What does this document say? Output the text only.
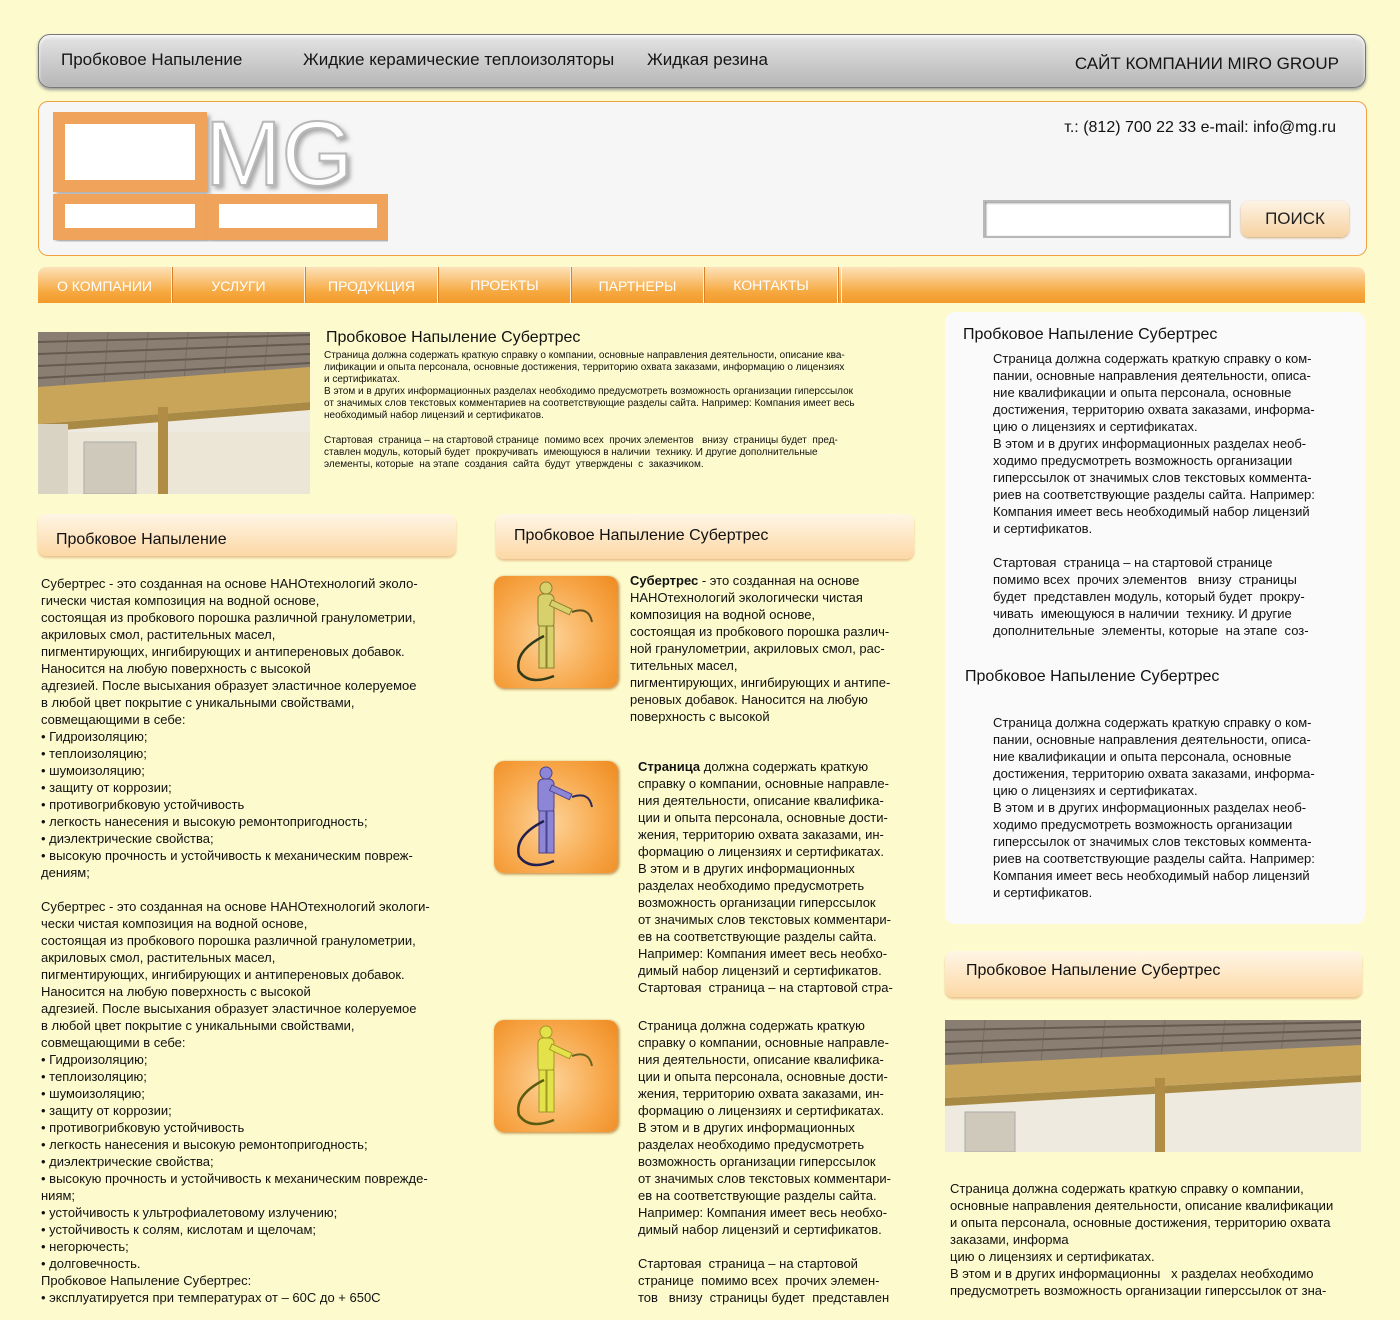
Пробковое Напыление	Жидкие керамические теплоизоляторы Жидкая резина	САЙТ КОМПАНИИ MIRO GROUP
MG	т.: (812) 700 22 33 e-mail: info@mg.ru
ПОИСК
О КОМПАНИИ	УСЛУГИ	ПРОДУКЦИЯ	ПРОЕКТЫ	ПАРТНЕРЫ	КОНТАКТЫ
Пробковое Напыление Субертрес
Страница должна содержать краткую справку о компании, основные направления деятельности, описание ква-
лификации и опыта персонала, основные достижения, территорию охвата заказами, информацию о лицензиях
и сертификатах.
В этом и в других информационных разделах необходимо предусмотреть возможность организации гиперссылок
от значимых слов текстовых комментариев на соответствующие разделы сайта. Например: Компания имеет весь
необходимый набор лицензий и сертификатов.

Стартовая  страница – на стартовой странице  помимо всех  прочих элементов   внизу  страницы будет  пред-
ставлен модуль, который будет  прокручивать  имеющуюся в наличии  технику. И другие дополнительные
элементы, которые  на этапе  создания  сайта  будут  утверждены  с  заказчиком.
Пробковое Напыление
Субертрес - это созданная на основе НАНОтехнологий эколо-
гически чистая композиция на водной основе,
состоящая из пробкового порошка различной гранулометрии,
акриловых смол, растительных масел,
пигментирующих, ингибирующих и антипереновых добавок.
Наносится на любую поверхность с высокой
адгезией. После высыхания образует эластичное колеруемое
в любой цвет покрытие с уникальными свойствами,
совмещающими в себе:
• Гидроизоляцию;
• теплоизоляцию;
• шумоизоляцию;
• защиту от коррозии;
• противогрибковую устойчивость
• легкость нанесения и высокую ремонтопригодность;
• диэлектрические свойства;
• высокую прочность и устойчивость к механическим повреж-
дениям;

Субертрес - это созданная на основе НАНОтехнологий экологи-
чески чистая композиция на водной основе,
состоящая из пробкового порошка различной гранулометрии,
акриловых смол, растительных масел,
пигментирующих, ингибирующих и антипереновых добавок.
Наносится на любую поверхность с высокой
адгезией. После высыхания образует эластичное колеруемое
в любой цвет покрытие с уникальными свойствами,
совмещающими в себе:
• Гидроизоляцию;
• теплоизоляцию;
• шумоизоляцию;
• защиту от коррозии;
• противогрибковую устойчивость
• легкость нанесения и высокую ремонтопригодность;
• диэлектрические свойства;
• высокую прочность и устойчивость к механическим поврежде-
ниям;
• устойчивость к ультрофиалетовому излучению;
• устойчивость к солям, кислотам и щелочам;
• негорючесть;
• долговечность.
Пробковое Напыление Субертрес:
• эксплуатируется при температурах от – 60С до + 650С
Пробковое Напыление Субертрес
Субертрес - это созданная на основе
НАНОтехнологий экологически чистая
композиция на водной основе,
состоящая из пробкового порошка различ-
ной гранулометрии, акриловых смол, рас-
тительных масел,
пигментирующих, ингибирующих и антипе-
реновых добавок. Наносится на любую
поверхность с высокой
Страница должна содержать краткую
справку о компании, основные направле-
ния деятельности, описание квалифика-
ции и опыта персонала, основные дости-
жения, территорию охвата заказами, ин-
формацию о лицензиях и сертификатах.
В этом и в других информационных
разделах необходимо предусмотреть
возможность организации гиперссылок
от значимых слов текстовых комментари-
ев на соответствующие разделы сайта.
Например: Компания имеет весь необхо-
димый набор лицензий и сертификатов.
Стартовая  страница – на стартовой стра-
Страница должна содержать краткую
справку о компании, основные направле-
ния деятельности, описание квалифика-
ции и опыта персонала, основные дости-
жения, территорию охвата заказами, ин-
формацию о лицензиях и сертификатах.
В этом и в других информационных
разделах необходимо предусмотреть
возможность организации гиперссылок
от значимых слов текстовых комментари-
ев на соответствующие разделы сайта.
Например: Компания имеет весь необхо-
димый набор лицензий и сертификатов.

Стартовая  страница – на стартовой
странице  помимо всех  прочих элемен-
тов   внизу  страницы будет  представлен
Пробковое Напыление Субертрес
Страница должна содержать краткую справку о ком-
пании, основные направления деятельности, описа-
ние квалификации и опыта персонала, основные
достижения, территорию охвата заказами, информа-
цию о лицензиях и сертификатах.
В этом и в других информационных разделах необ-
ходимо предусмотреть возможность организации
гиперссылок от значимых слов текстовых коммента-
риев на соответствующие разделы сайта. Например:
Компания имеет весь необходимый набор лицензий
и сертификатов.

Стартовая  страница – на стартовой странице
помимо всех  прочих элементов   внизу  страницы
будет  представлен модуль, который будет  прокру-
чивать  имеющуюся в наличии  технику. И другие
дополнительные  элементы, которые  на этапе  соз-
Пробковое Напыление Субертрес
Страница должна содержать краткую справку о ком-
пании, основные направления деятельности, описа-
ние квалификации и опыта персонала, основные
достижения, территорию охвата заказами, информа-
цию о лицензиях и сертификатах.
В этом и в других информационных разделах необ-
ходимо предусмотреть возможность организации
гиперссылок от значимых слов текстовых коммента-
риев на соответствующие разделы сайта. Например:
Компания имеет весь необходимый набор лицензий
и сертификатов.
Пробковое Напыление Субертрес
Страница должна содержать краткую справку о компании,
основные направления деятельности, описание квалификации
и опыта персонала, основные достижения, территорию охвата
заказами, информа
цию о лицензиях и сертификатах.
В этом и в других информационны   х разделах необходимо
предусмотреть возможность организации гиперссылок от зна-
